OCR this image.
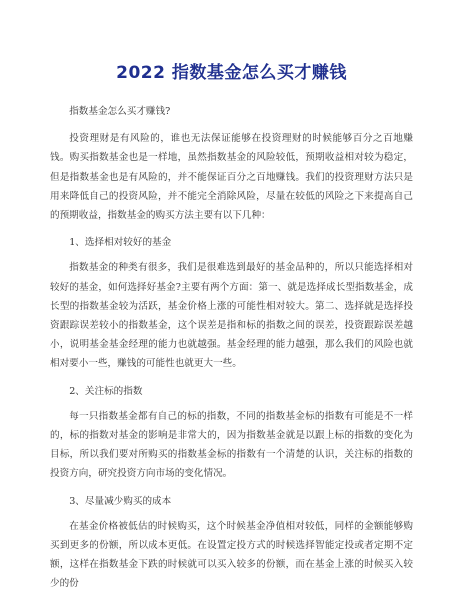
2022 指数基金怎么买才赚钱

指数基金怎么买才赚钱?

投资理财是有风险的，谁也无法保证能够在投资理财的时候能够百分之百地赚钱。购买指数基金也是一样地，虽然指数基金的风险较低，预期收益相对较为稳定，但是指数基金也是有风险的，并不能保证百分之百地赚钱。我们的投资理财方法只是用来降低自己的投资风险，并不能完全消除风险，尽量在较低的风险之下来提高自己的预期收益，指数基金的购买方法主要有以下几种：

1、选择相对较好的基金

指数基金的种类有很多，我们是很难选到最好的基金品种的，所以只能选择相对较好的基金，如何选择好基金?主要有两个方面：第一、就是选择成长型指数基金，成长型的指数基金较为活跃，基金价格上涨的可能性相对较大。第二、选择就是选择投资跟踪误差较小的指数基金，这个误差是指和标的指数之间的误差，投资跟踪误差越小，说明基金基金经理的能力也就越强。基金经理的能力越强，那么我们的风险也就相对要小一些，赚钱的可能性也就更大一些。

2、关注标的指数

每一只指数基金都有自己的标的指数，不同的指数基金标的指数有可能是不一样的，标的指数对基金的影响是非常大的，因为指数基金就是以跟上标的指数的变化为目标，所以我们要对所购买的指数基金标的指数有一个清楚的认识，关注标的指数的投资方向，研究投资方向市场的变化情况。

3、尽量减少购买的成本

在基金价格被低估的时候购买，这个时候基金净值相对较低，同样的金额能够购买到更多的份额，所以成本更低。在设置定投方式的时候选择智能定投或者定期不定额，这样在指数基金下跌的时候就可以买入较多的份额，而在基金上涨的时候买入较少的份
